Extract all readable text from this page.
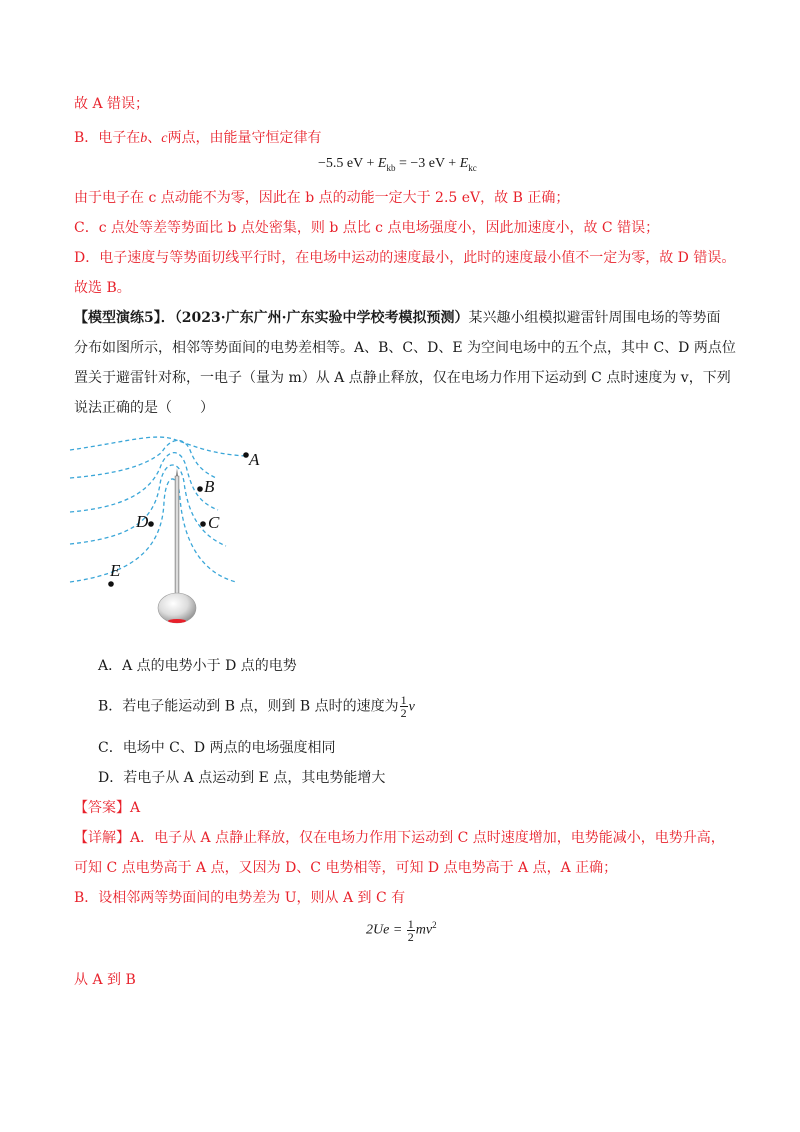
故 A 错误；
B．电子在b、c两点，由能量守恒定律有
−5.5 eV + $E_{kb} = -3$ eV + $E_{kc}$
由于电子在 c 点动能不为零，因此在 b 点的动能一定大于 2.5 eV，故 B 正确；
C．c 点处等差等势面比 b 点处密集，则 b 点比 c 点电场强度小，因此加速度小，故 C 错误；
D．电子速度与等势面切线平行时，在电场中运动的速度最小，此时的速度最小值不一定为零，故 D 错误。
故选 B。
【模型演练5】．（2023·广东广州·广东实验中学校考模拟预测）某兴趣小组模拟避雷针周围电场的等势面
分布如图所示，相邻等势面间的电势差相等。A、B、C、D、E 为空间电场中的五个点，其中 C、D 两点位
置关于避雷针对称，一电子（量为 m）从 A 点静止释放，仅在电场力作用下运动到 C 点时速度为 v，下列
说法正确的是（　　）
A
B
C
D
E
A．A 点的电势小于 D 点的电势
B．若电子能运动到 B 点，则到 B 点时的速度为 $\frac{1}{2}$ v
C．电场中 C、D 两点的电场强度相同
D．若电子从 A 点运动到 E 点，其电势能增大
【答案】A
【详解】A．电子从 A 点静止释放，仅在电场力作用下运动到 C 点时速度增加，电势能减小，电势升高，
可知 C 点电势高于 A 点，又因为 D、C 电势相等，可知 D 点电势高于 A 点，A 正确；
B．设相邻两等势面间的电势差为 U，则从 A 到 C 有
$2Ue = \frac{1}{2} mv^2$
从 A 到 B
